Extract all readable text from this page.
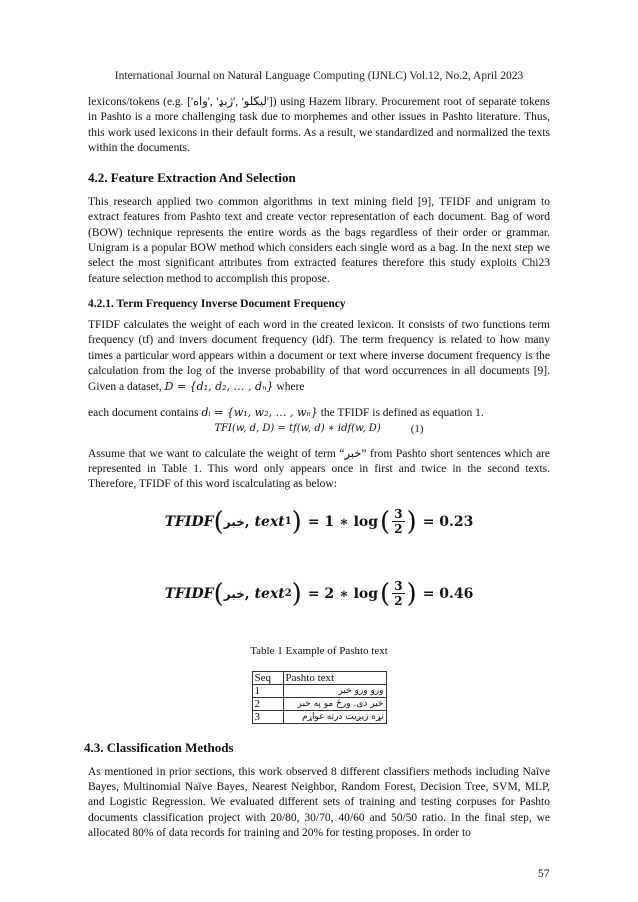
International Journal on Natural Language Computing (IJNLC) Vol.12, No.2, April 2023

lexicons/tokens (e.g. ['ليکلو' ,'ژبډ' ,'واه']) using Hazem library. Procurement root of separate tokens in Pashto is a more challenging task due to morphemes and other issues in Pashto literature. Thus, this work used lexicons in their default forms. As a result, we standardized and normalized the texts within the documents.

4.2. Feature Extraction And Selection

This research applied two common algorithms in text mining field [9], TFIDF and unigram to extract features from Pashto text and create vector representation of each document. Bag of word (BOW) technique represents the entire words as the bags regardless of their order or grammar. Unigram is a popular BOW method which considers each single word as a bag. In the next step we select the most significant attributes from extracted features therefore this study exploits Chi23 feature selection method to accomplish this propose.

4.2.1. Term Frequency Inverse Document Frequency

TFIDF calculates the weight of each word in the created lexicon. It consists of two functions term frequency (tf) and invers document frequency (idf). The term frequency is related to how many times a particular word appears within a document or text where inverse document frequency is the calculation from the log of the inverse probability of that word occurrences in all documents [9]. Given a dataset, D = {d₁, d₂, … , dₙ} where

each document contains dᵢ = {w₁, w₂, … , wₙ} the TFIDF is defined as equation 1.

TFI(w, d, D) = tf(w, d) ∗ idf(w, D)	(1)

Assume that we want to calculate the weight of term “خبر” from Pashto short sentences which are represented in Table 1. This word only appears once in first and twice in the second texts. Therefore, TFIDF of this word iscalculating as below:

TFIDF ( خبر , text 1 ) = 1 ∗ log ( $\frac{3}{2}$ ) = 0.23
TFIDF ( خبر , text 2 ) = 2 ∗ log ( $\frac{3}{2}$ ) = 0.46
Table 1 Example of Pashto text
Seq	Pashto text
1	ورو ورو خبر
2	خبر دی. ورځ مو په خبر
3	نړه زیږیت درته غواړم
4.3. Classification Methods

As mentioned in prior sections, this work observed 8 different classifiers methods including Naïve Bayes, Multinomial Naïve Bayes, Nearest Neighbor, Random Forest, Decision Tree, SVM, MLP, and Logistic Regression. We evaluated different sets of training and testing corpuses for Pashto documents classification project with 20/80, 30/70, 40/60 and 50/50 ratio. In the final step, we allocated 80% of data records for training and 20% for testing proposes. In order to

57
